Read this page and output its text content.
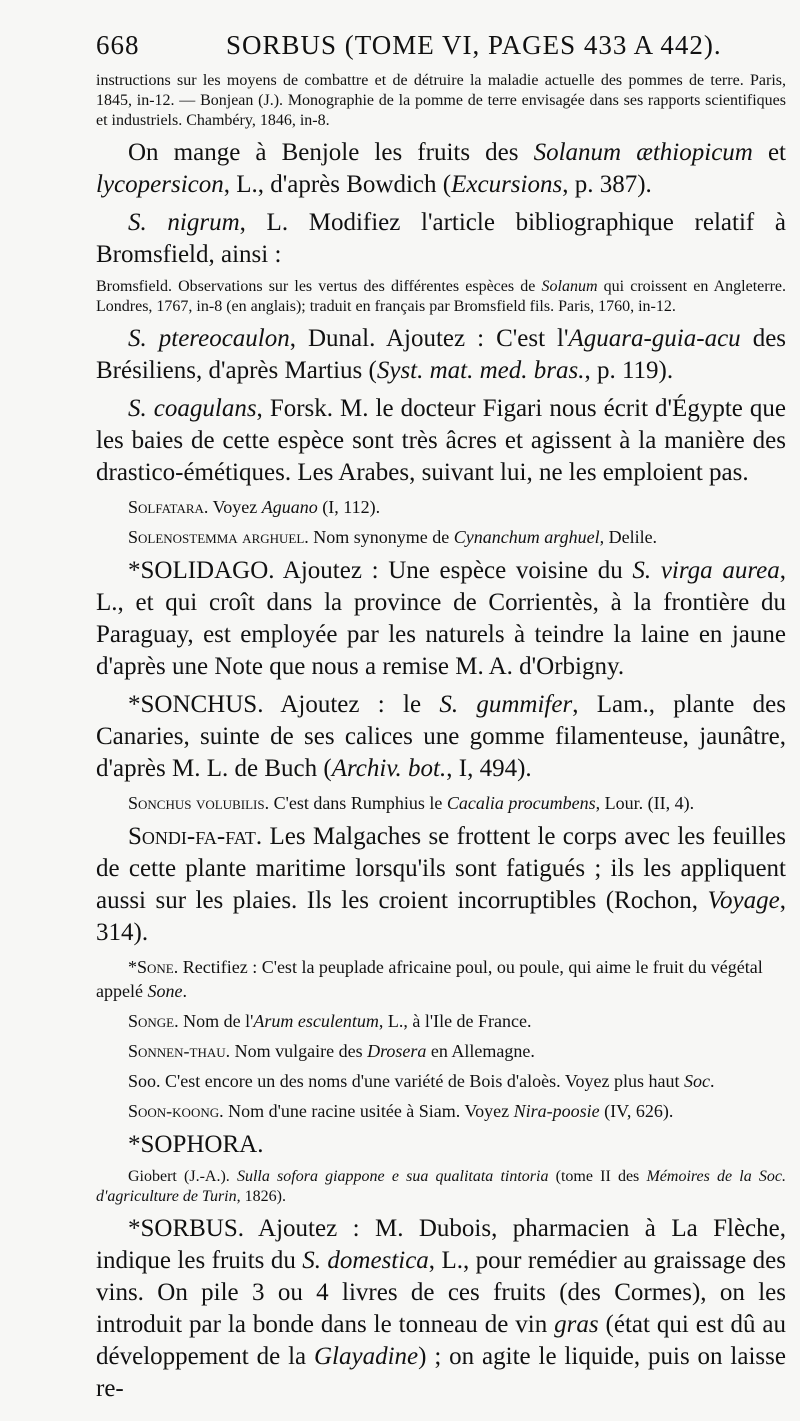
668	SORBUS (TOME VI, PAGES 433 A 442).

instructions sur les moyens de combattre et de détruire la maladie actuelle des pommes de terre. Paris, 1845, in-12. — Bonjean (J.). Monographie de la pomme de terre envisagée dans ses rapports scientifiques et industriels. Chambéry, 1846, in-8.

On mange à Benjole les fruits des Solanum æthiopicum et lycopersicon, L., d'après Bowdich (Excursions, p. 387).

S. nigrum, L. Modifiez l'article bibliographique relatif à Bromsfield, ainsi :

Bromsfield. Observations sur les vertus des différentes espèces de Solanum qui croissent en Angleterre. Londres, 1767, in-8 (en anglais); traduit en français par Bromsfield fils. Paris, 1760, in-12.

S. ptereocaulon, Dunal. Ajoutez : C'est l'Aguara-guia-acu des Brésiliens, d'après Martius (Syst. mat. med. bras., p. 119).

S. coagulans, Forsk. M. le docteur Figari nous écrit d'Égypte que les baies de cette espèce sont très âcres et agissent à la manière des drastico-émétiques. Les Arabes, suivant lui, ne les emploient pas.

Solfatara. Voyez Aguano (I, 112).

Solenostemma arghuel. Nom synonyme de Cynanchum arghuel, Delile.

*SOLIDAGO. Ajoutez : Une espèce voisine du S. virga aurea, L., et qui croît dans la province de Corrientès, à la frontière du Paraguay, est employée par les naturels à teindre la laine en jaune d'après une Note que nous a remise M. A. d'Orbigny.

*SONCHUS. Ajoutez : le S. gummifer, Lam., plante des Canaries, suinte de ses calices une gomme filamenteuse, jaunâtre, d'après M. L. de Buch (Archiv. bot., I, 494).

Sonchus volubilis. C'est dans Rumphius le Cacalia procumbens, Lour. (II, 4).

Sondi-fa-fat. Les Malgaches se frottent le corps avec les feuilles de cette plante maritime lorsqu'ils sont fatigués ; ils les appliquent aussi sur les plaies. Ils les croient incorruptibles (Rochon, Voyage, 314).

*Sone. Rectifiez : C'est la peuplade africaine poul, ou poule, qui aime le fruit du végétal appelé Sone.

Songe. Nom de l'Arum esculentum, L., à l'Ile de France.

Sonnen-thau. Nom vulgaire des Drosera en Allemagne.

Soo. C'est encore un des noms d'une variété de Bois d'aloès. Voyez plus haut Soc.

Soon-koong. Nom d'une racine usitée à Siam. Voyez Nira-poosie (IV, 626).

*SOPHORA.

Giobert (J.-A.). Sulla sofora giappone e sua qualitata tintoria (tome II des Mémoires de la Soc. d'agriculture de Turin, 1826).

*SORBUS. Ajoutez : M. Dubois, pharmacien à La Flèche, indique les fruits du S. domestica, L., pour remédier au graissage des vins. On pile 3 ou 4 livres de ces fruits (des Cormes), on les introduit par la bonde dans le tonneau de vin gras (état qui est dû au développement de la Glayadine) ; on agite le liquide, puis on laisse re-
